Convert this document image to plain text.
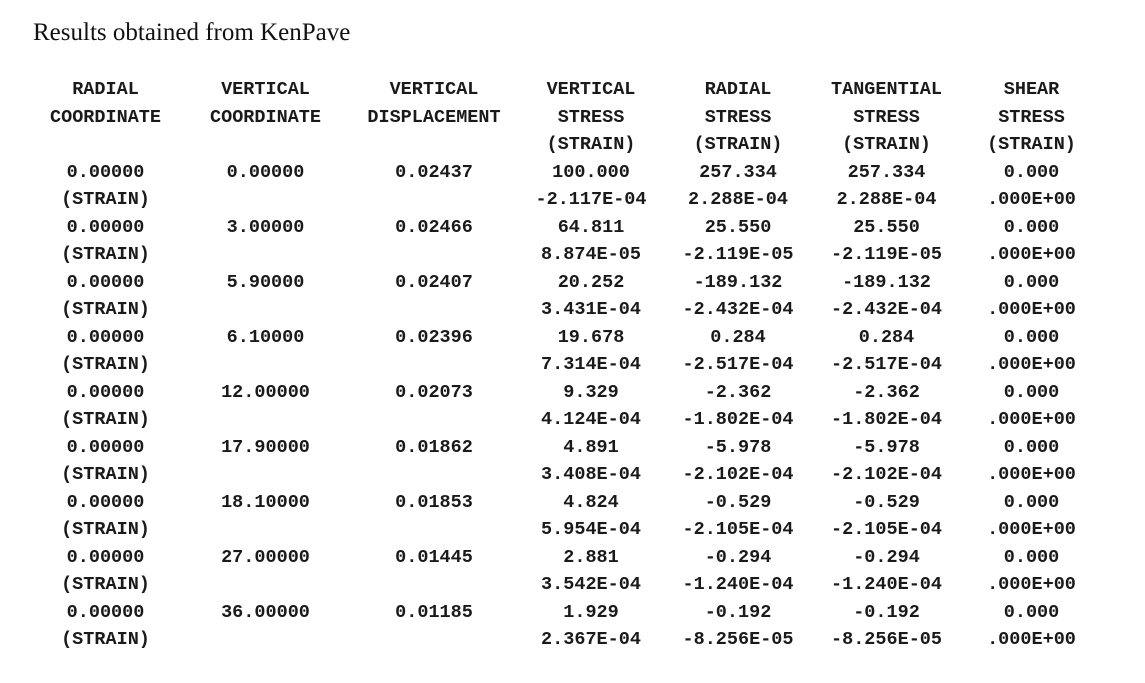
Results obtained from KenPave
RADIAL	VERTICAL	VERTICAL	VERTICAL	RADIAL	TANGENTIAL	SHEAR
COORDINATE	COORDINATE	DISPLACEMENT	STRESS	STRESS	STRESS	STRESS
			(STRAIN)	(STRAIN)	(STRAIN)	(STRAIN)
0.00000	0.00000	0.02437	100.000	257.334	257.334	0.000
(STRAIN)			-2.117E-04	2.288E-04	2.288E-04	.000E+00
0.00000	3.00000	0.02466	64.811	25.550	25.550	0.000
(STRAIN)			8.874E-05	-2.119E-05	-2.119E-05	.000E+00
0.00000	5.90000	0.02407	20.252	-189.132	-189.132	0.000
(STRAIN)			3.431E-04	-2.432E-04	-2.432E-04	.000E+00
0.00000	6.10000	0.02396	19.678	0.284	0.284	0.000
(STRAIN)			7.314E-04	-2.517E-04	-2.517E-04	.000E+00
0.00000	12.00000	0.02073	9.329	-2.362	-2.362	0.000
(STRAIN)			4.124E-04	-1.802E-04	-1.802E-04	.000E+00
0.00000	17.90000	0.01862	4.891	-5.978	-5.978	0.000
(STRAIN)			3.408E-04	-2.102E-04	-2.102E-04	.000E+00
0.00000	18.10000	0.01853	4.824	-0.529	-0.529	0.000
(STRAIN)			5.954E-04	-2.105E-04	-2.105E-04	.000E+00
0.00000	27.00000	0.01445	2.881	-0.294	-0.294	0.000
(STRAIN)			3.542E-04	-1.240E-04	-1.240E-04	.000E+00
0.00000	36.00000	0.01185	1.929	-0.192	-0.192	0.000
(STRAIN)			2.367E-04	-8.256E-05	-8.256E-05	.000E+00
